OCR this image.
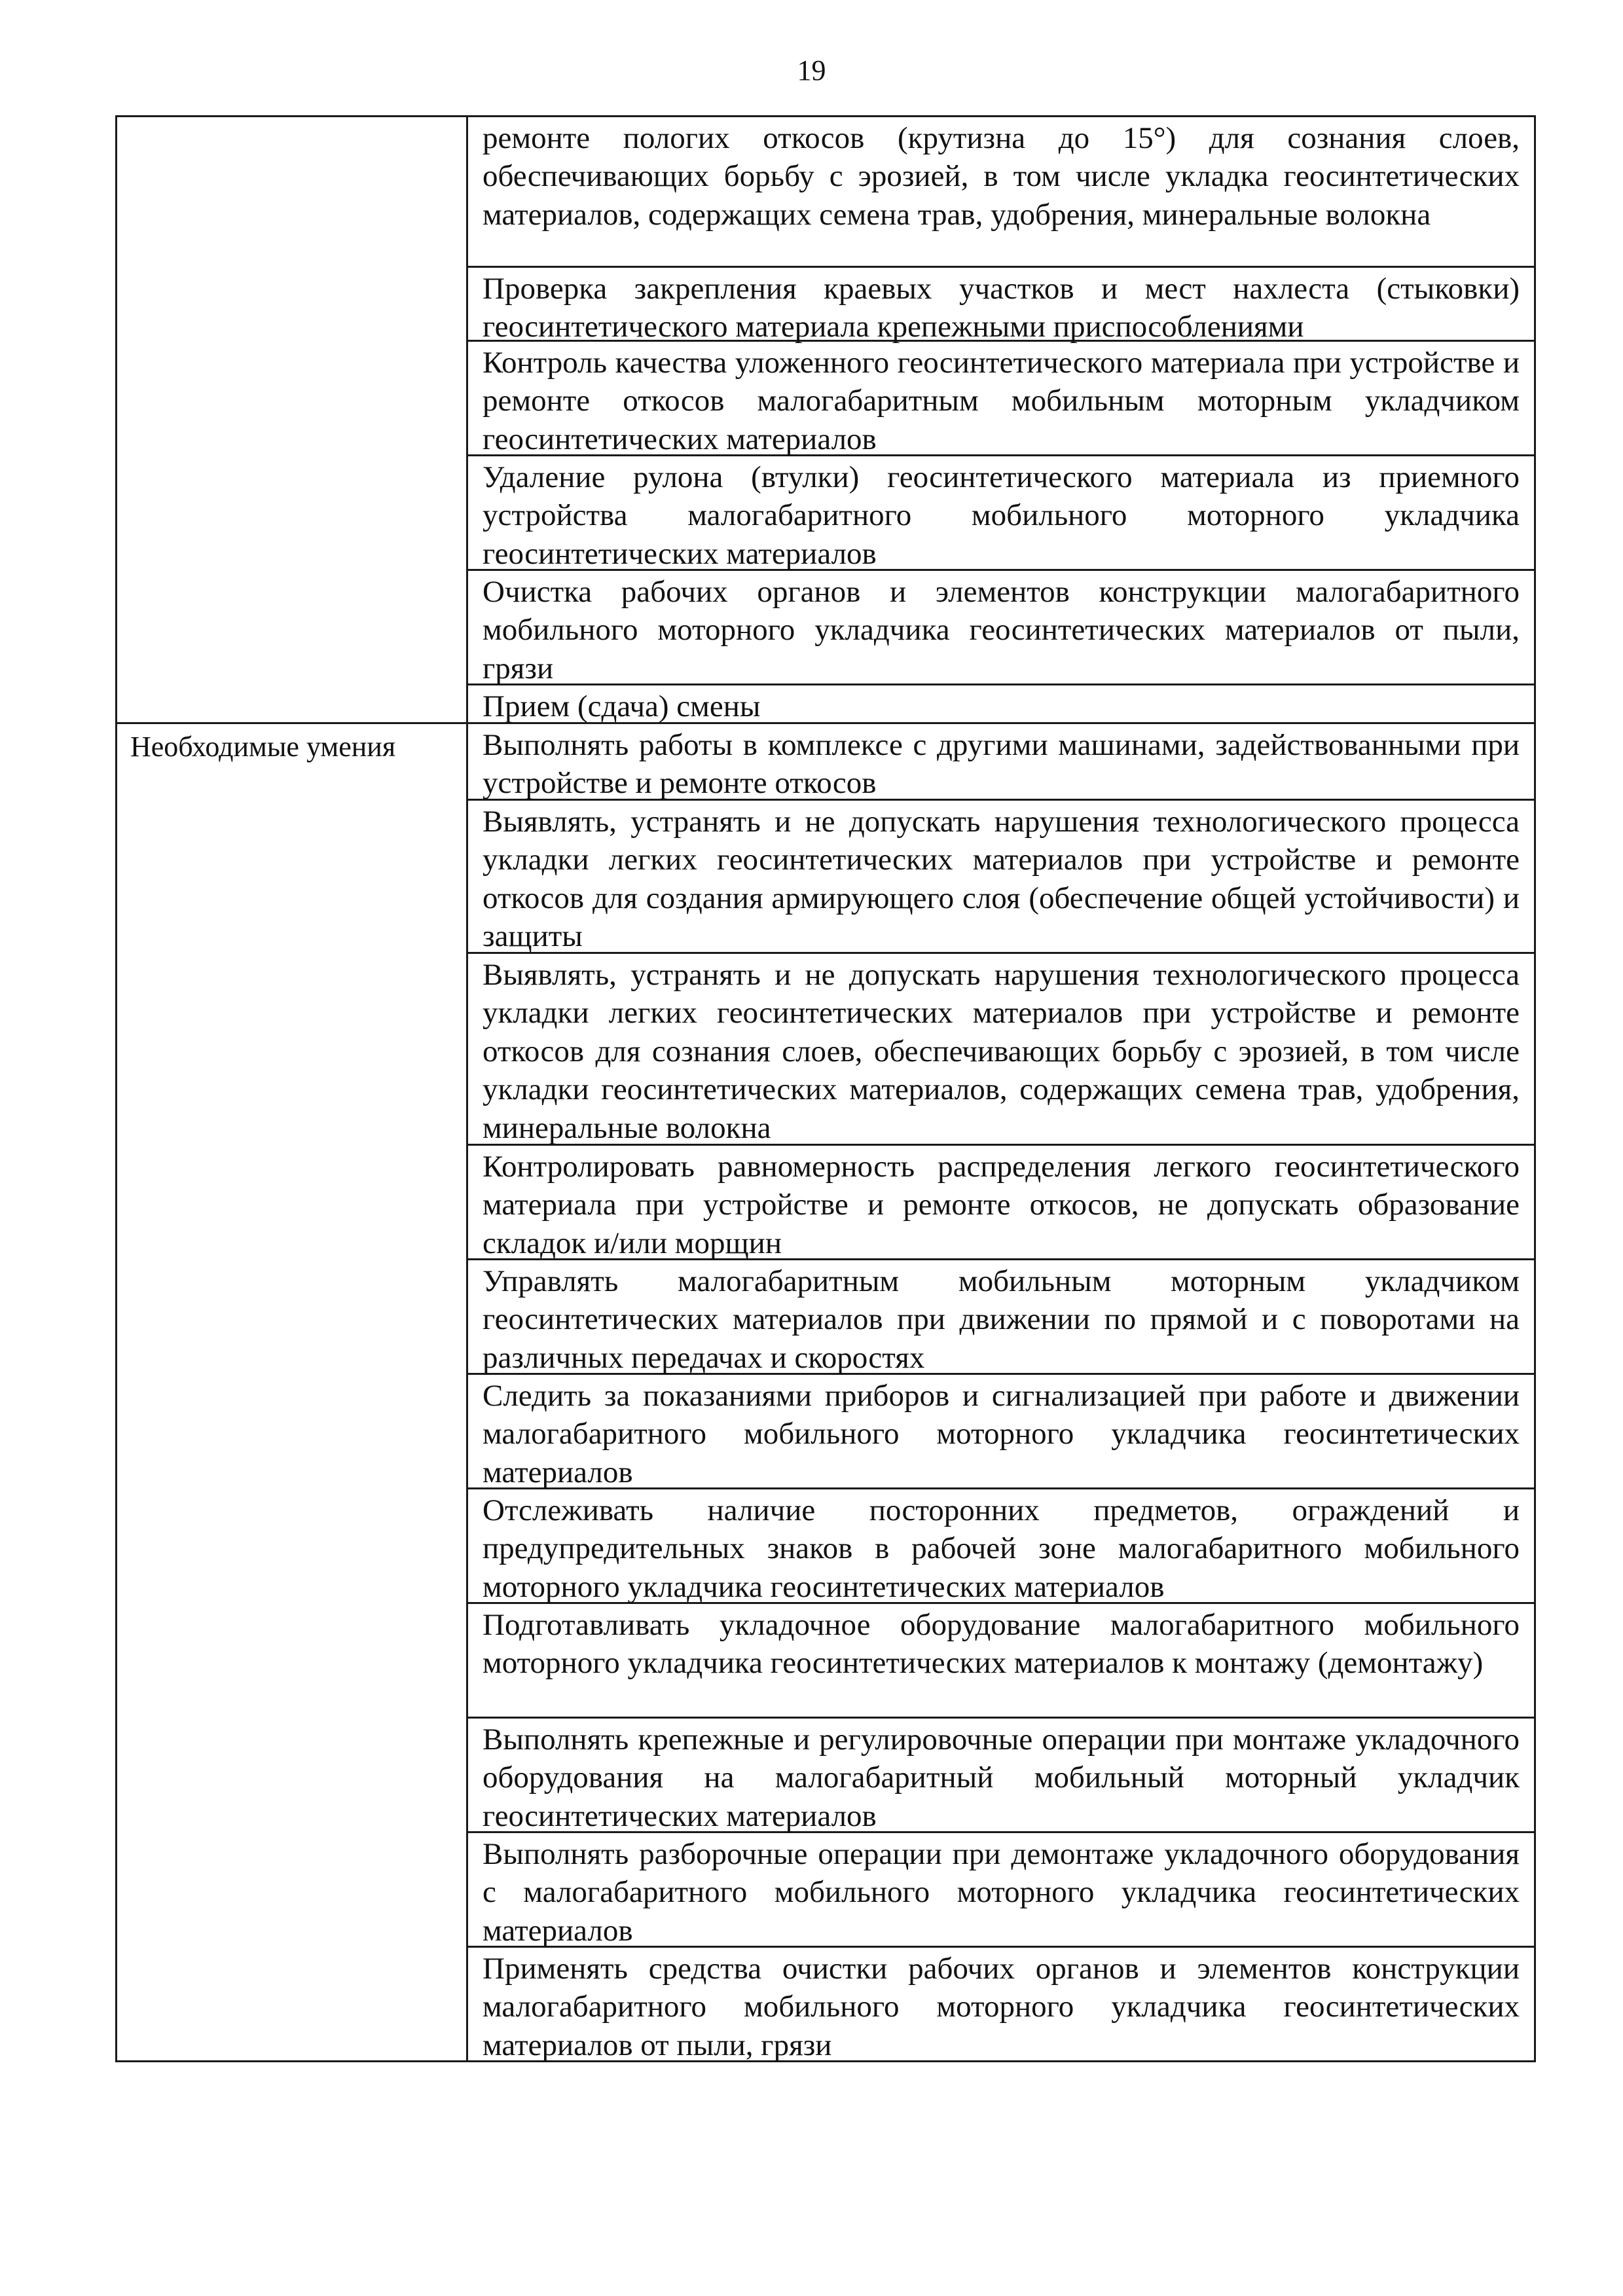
19

	ремонте пологих откосов (крутизна до 15°) для сознания слоев, обеспечивающих борьбу с эрозией, в том числе укладка геосинтетических материалов, содержащих семена трав, удобрения, минеральные волокна

	Проверка закрепления краевых участков и мест нахлеста (стыковки) геосинтетического материала крепежными приспособлениями

	Контроль качества уложенного геосинтетического материала при устройстве и ремонте откосов малогабаритным мобильным моторным укладчиком геосинтетических материалов

	Удаление рулона (втулки) геосинтетического материала из приемного устройства малогабаритного мобильного моторного укладчика геосинтетических материалов

	Очистка рабочих органов и элементов конструкции малогабаритного мобильного моторного укладчика геосинтетических материалов от пыли, грязи

	Прием (сдача) смены

Необходимые умения	Выполнять работы в комплексе с другими машинами, задействованными при устройстве и ремонте откосов

	Выявлять, устранять и не допускать нарушения технологического процесса укладки легких геосинтетических материалов при устройстве и ремонте откосов для создания армирующего слоя (обеспечение общей устойчивости) и защиты

	Выявлять, устранять и не допускать нарушения технологического процесса укладки легких геосинтетических материалов при устройстве и ремонте откосов для сознания слоев, обеспечивающих борьбу с эрозией, в том числе укладки геосинтетических материалов, содержащих семена трав, удобрения, минеральные волокна

	Контролировать равномерность распределения легкого геосинтетического материала при устройстве и ремонте откосов, не допускать образование складок и/или морщин

	Управлять малогабаритным мобильным моторным укладчиком геосинтетических материалов при движении по прямой и с поворотами на различных передачах и скоростях

	Следить за показаниями приборов и сигнализацией при работе и движении малогабаритного мобильного моторного укладчика геосинтетических материалов

	Отслеживать наличие посторонних предметов, ограждений и предупредительных знаков в рабочей зоне малогабаритного мобильного моторного укладчика геосинтетических материалов

	Подготавливать укладочное оборудование малогабаритного мобильного моторного укладчика геосинтетических материалов к монтажу (демонтажу)

	Выполнять крепежные и регулировочные операции при монтаже укладочного оборудования на малогабаритный мобильный моторный укладчик геосинтетических материалов

	Выполнять разборочные операции при демонтаже укладочного оборудования с малогабаритного мобильного моторного укладчика геосинтетических материалов

	Применять средства очистки рабочих органов и элементов конструкции малогабаритного мобильного моторного укладчика геосинтетических материалов от пыли, грязи
